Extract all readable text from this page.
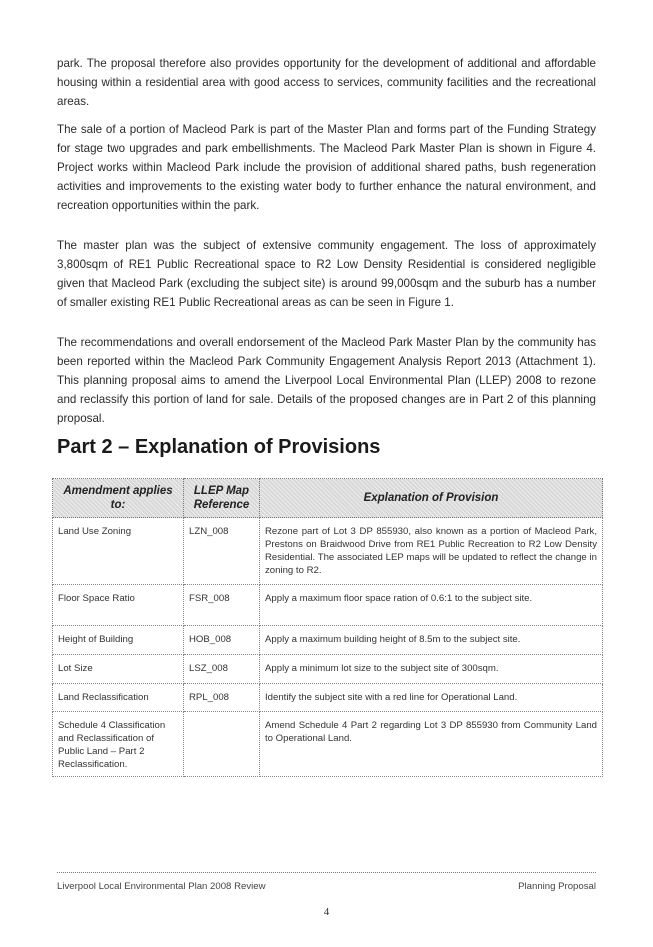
park. The proposal therefore also provides opportunity for the development of additional and affordable housing within a residential area with good access to services, community facilities and the recreational areas.

The sale of a portion of Macleod Park is part of the Master Plan and forms part of the Funding Strategy for stage two upgrades and park embellishments. The Macleod Park Master Plan is shown in Figure 4. Project works within Macleod Park include the provision of additional shared paths, bush regeneration activities and improvements to the existing water body to further enhance the natural environment, and recreation opportunities within the park.

The master plan was the subject of extensive community engagement. The loss of approximately 3,800sqm of RE1 Public Recreational space to R2 Low Density Residential is considered negligible given that Macleod Park (excluding the subject site) is around 99,000sqm and the suburb has a number of smaller existing RE1 Public Recreational areas as can be seen in Figure 1.

The recommendations and overall endorsement of the Macleod Park Master Plan by the community has been reported within the Macleod Park Community Engagement Analysis Report 2013 (Attachment 1). This planning proposal aims to amend the Liverpool Local Environmental Plan (LLEP) 2008 to rezone and reclassify this portion of land for sale. Details of the proposed changes are in Part 2 of this planning proposal.

Part 2 – Explanation of Provisions
Amendment applies to:	LLEP Map Reference	Explanation of Provision
Land Use Zoning	LZN_008	Rezone part of Lot 3 DP 855930, also known as a portion of Macleod Park, Prestons on Braidwood Drive from RE1 Public Recreation to R2 Low Density Residential. The associated LEP maps will be updated to reflect the change in zoning to R2.
Floor Space Ratio	FSR_008	Apply a maximum floor space ration of 0.6:1 to the subject site.
Height of Building	HOB_008	Apply a maximum building height of 8.5m to the subject site.
Lot Size	LSZ_008	Apply a minimum lot size to the subject site of 300sqm.
Land Reclassification	RPL_008	Identify the subject site with a red line for Operational Land.
Schedule 4 Classification and Reclassification of Public Land – Part 2 Reclassification.		Amend Schedule 4 Part 2 regarding Lot 3 DP 855930 from Community Land to Operational Land.
Liverpool Local Environmental Plan 2008 Review	Planning Proposal
4
